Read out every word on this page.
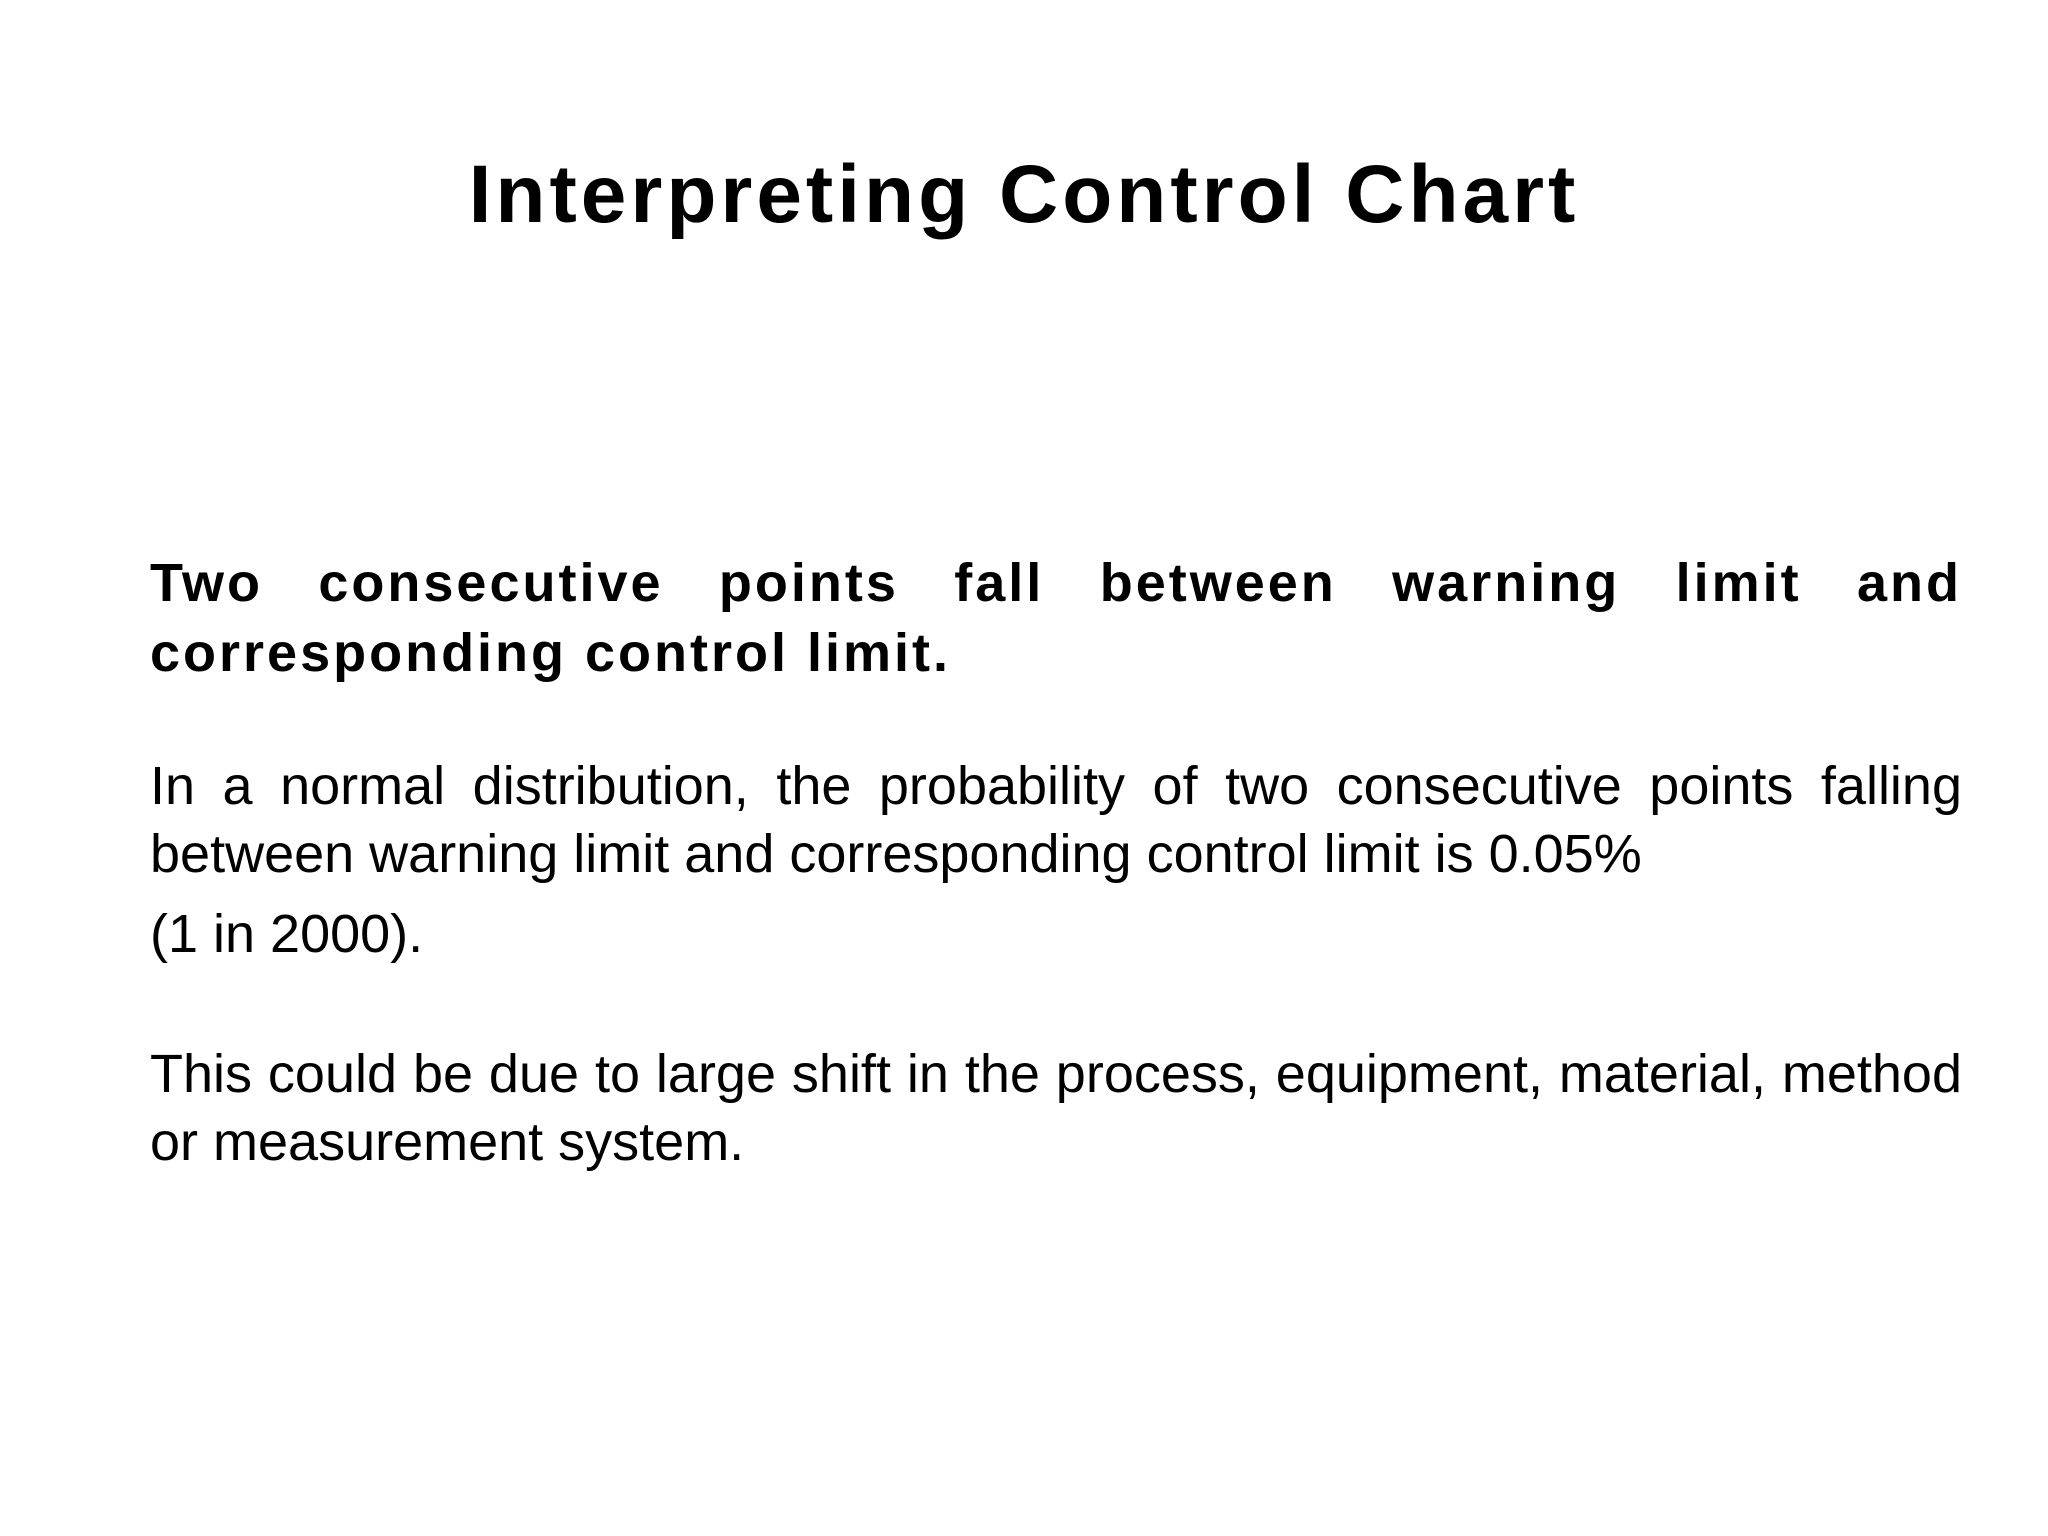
Interpreting Control Chart

Two consecutive points fall between warning limit and corresponding control limit.

In a normal distribution, the probability of two consecutive points falling between warning limit and corresponding control limit is 0.05%

(1 in 2000).

This could be due to large shift in the process, equipment, material, method or measurement system.
